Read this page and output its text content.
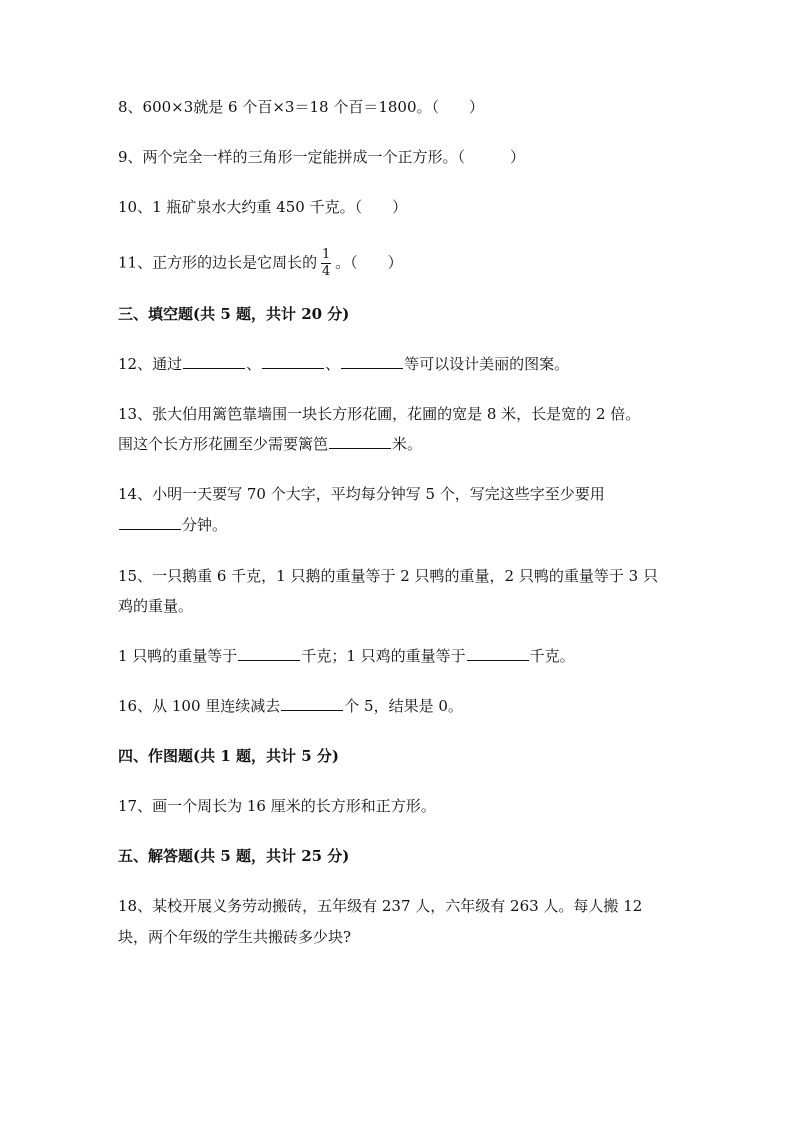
8、600×3就是 6 个百×3＝18 个百＝1800。（　　）
9、两个完全一样的三角形一定能拼成一个正方形。（　　　）
10、1 瓶矿泉水大约重 450 千克。（　　）
11、正方形的边长是它周长的 $\frac{1}{4}$ 。（　　）
三、填空题(共 5 题，共计 20 分)
12、通过	、	、	等可以设计美丽的图案。
13、张大伯用篱笆靠墙围一块长方形花圃，花圃的宽是 8 米，长是宽的 2 倍。
围这个长方形花圃至少需要篱笆	米。
14、小明一天要写 70 个大字，平均每分钟写 5 个，写完这些字至少要用
分钟。
15、一只鹅重 6 千克，1 只鹅的重量等于 2 只鸭的重量，2 只鸭的重量等于 3 只
鸡的重量。
1 只鸭的重量等于	千克；1 只鸡的重量等于	千克。
16、从 100 里连续减去	个 5，结果是 0。
四、作图题(共 1 题，共计 5 分)
17、画一个周长为 16 厘米的长方形和正方形。
五、解答题(共 5 题，共计 25 分)
18、某校开展义务劳动搬砖，五年级有 237 人，六年级有 263 人。每人搬 12
块，两个年级的学生共搬砖多少块?
